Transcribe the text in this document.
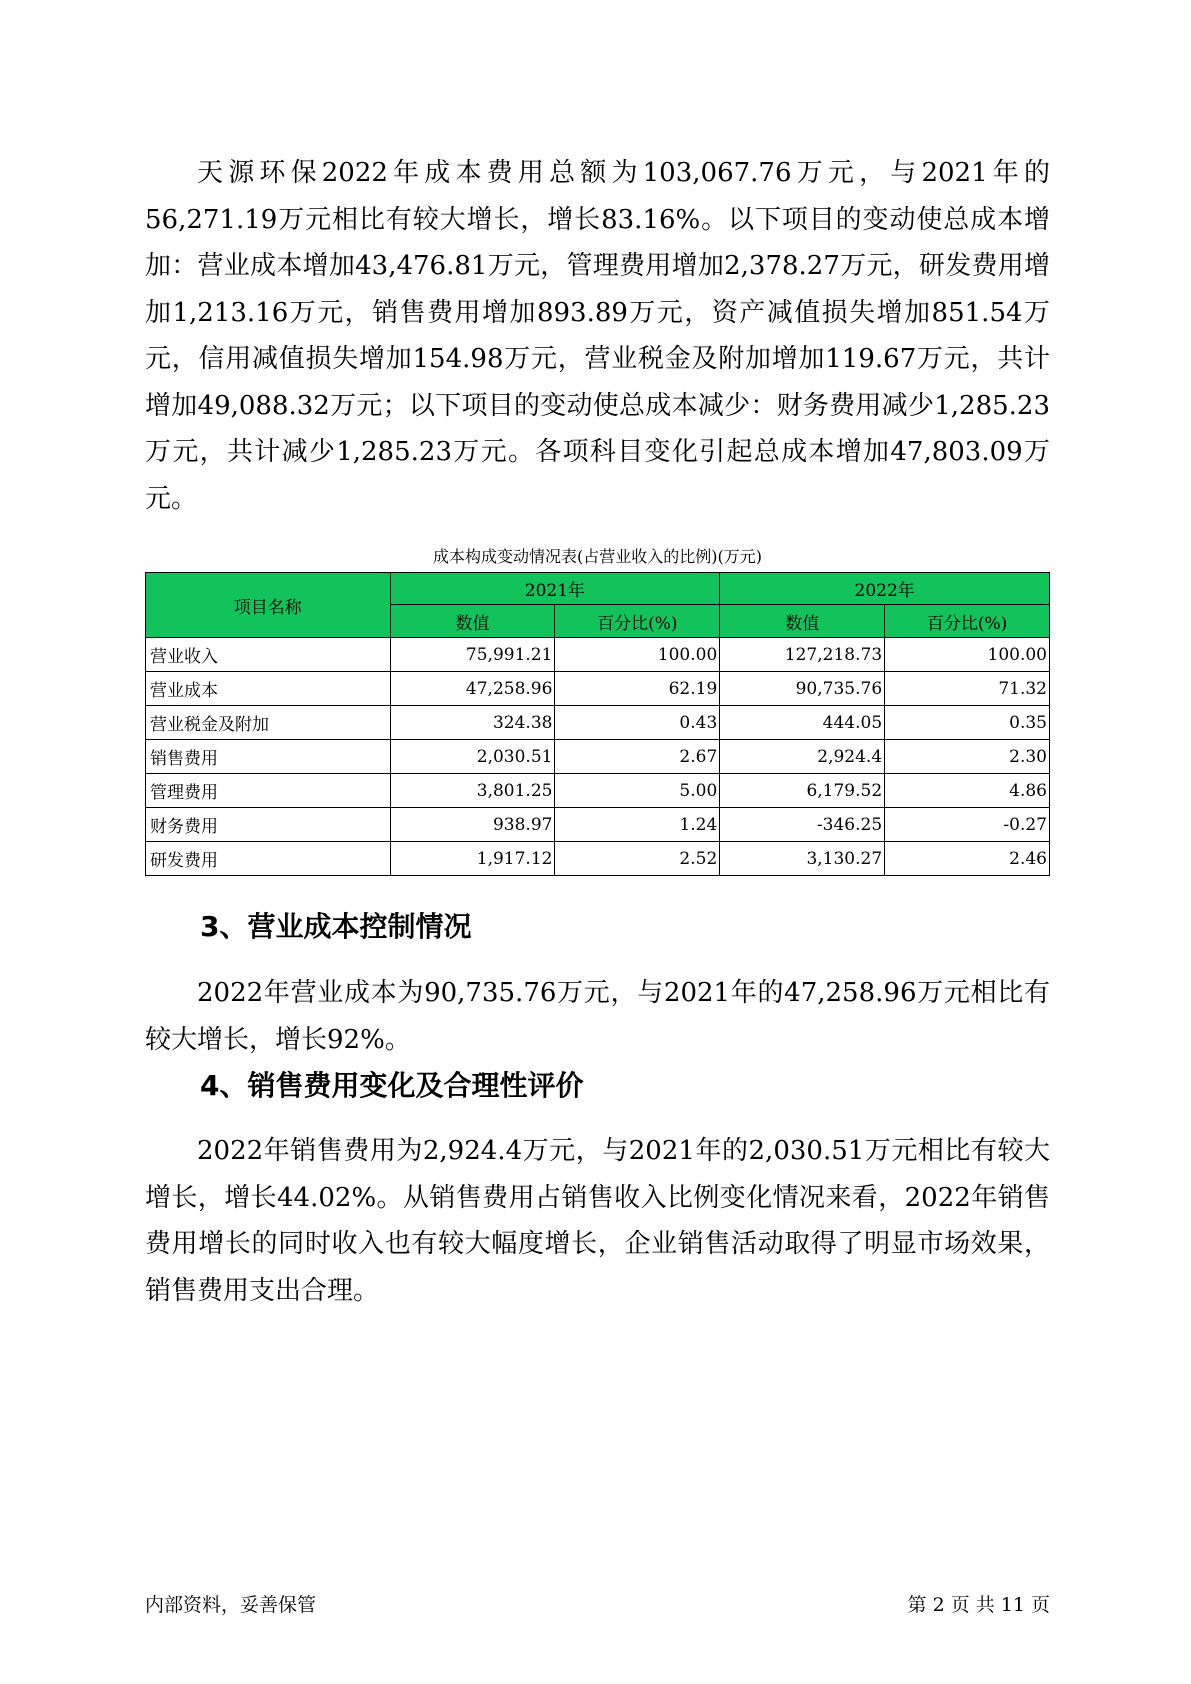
天源环保2022年成本费用总额为103,067.76万元，与2021年的56,271.19万元相比有较大增长，增长83.16%。以下项目的变动使总成本增加：营业成本增加43,476.81万元，管理费用增加2,378.27万元，研发费用增加1,213.16万元，销售费用增加893.89万元，资产减值损失增加851.54万元，信用减值损失增加154.98万元，营业税金及附加增加119.67万元，共计增加49,088.32万元；以下项目的变动使总成本减少：财务费用减少1,285.23万元，共计减少1,285.23万元。各项科目变化引起总成本增加47,803.09万元。

成本构成变动情况表(占营业收入的比例)(万元)

项目名称	2021年		2022年	
	数值	百分比(%)	数值	百分比(%)
营业收入	75,991.21	100.00	127,218.73	100.00
营业成本	47,258.96	62.19	90,735.76	71.32
营业税金及附加	324.38	0.43	444.05	0.35
销售费用	2,030.51	2.67	2,924.4	2.30
管理费用	3,801.25	5.00	6,179.52	4.86
财务费用	938.97	1.24	-346.25	-0.27
研发费用	1,917.12	2.52	3,130.27	2.46
3、营业成本控制情况

2022年营业成本为90,735.76万元，与2021年的47,258.96万元相比有较大增长，增长92%。

4、销售费用变化及合理性评价

2022年销售费用为2,924.4万元，与2021年的2,030.51万元相比有较大增长，增长44.02%。从销售费用占销售收入比例变化情况来看，2022年销售费用增长的同时收入也有较大幅度增长，企业销售活动取得了明显市场效果，销售费用支出合理。

内部资料，妥善保管	第 2 页 共 11 页
